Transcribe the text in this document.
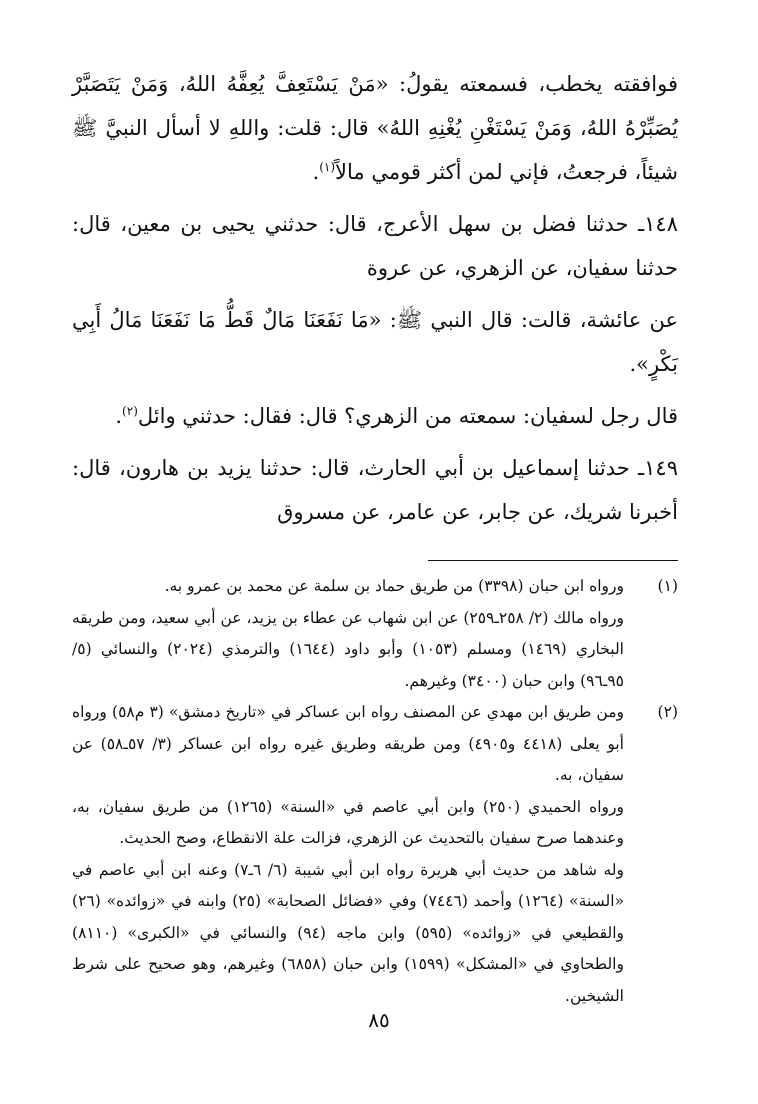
فوافقته يخطب، فسمعته يقولُ: «مَنْ يَسْتَعِفَّ يُعِفَّهُ اللهُ، وَمَنْ يَتَصَبَّرْ يُصَبِّرْهُ اللهُ، وَمَنْ يَسْتَغْنِ يُغْنِهِ اللهُ» قال: قلت: واللهِ لا أسأل النبيَّ ﷺ شيئاً، فرجعتُ، فإني لمن أكثر قومي مالاً$^{(١)}$.

١٤٨ـ حدثنا فضل بن سهل الأعرج، قال: حدثني يحيى بن معين، قال: حدثنا سفيان، عن الزهري، عن عروة

عن عائشة، قالت: قال النبي ﷺ: «مَا نَفَعَنَا مَالٌ قَطُّ مَا نَفَعَنَا مَالُ أَبِي بَكْرٍ».

قال رجل لسفيان: سمعته من الزهري؟ قال: فقال: حدثني وائل$^{(٢)}$.

١٤٩ـ حدثنا إسماعيل بن أبي الحارث، قال: حدثنا يزيد بن هارون، قال: أخبرنا شريك، عن جابر، عن عامر، عن مسروق

(١)

ورواه ابن حبان (٣٣٩٨) من طريق حماد بن سلمة عن محمد بن عمرو به.

ورواه مالك (٢/ ٢٥٨ـ٢٥٩) عن ابن شهاب عن عطاء بن يزيد، عن أبي سعيد، ومن طريقه البخاري (١٤٦٩) ومسلم (١٠٥٣) وأبو داود (١٦٤٤) والترمذي (٢٠٢٤) والنسائي (٥/ ٩٥ـ٩٦) وابن حبان (٣٤٠٠) وغيرهم.

(٢)

ومن طريق ابن مهدي عن المصنف رواه ابن عساكر في «تاريخ دمشق» (٣ م٥٨) ورواه أبو يعلى (٤٤١٨ و٤٩٠٥) ومن طريقه وطريق غيره رواه ابن عساكر (٣/ ٥٧ـ٥٨) عن سفيان، به.

ورواه الحميدي (٢٥٠) وابن أبي عاصم في «السنة» (١٢٦٥) من طريق سفيان، به، وعندهما صرح سفيان بالتحديث عن الزهري، فزالت علة الانقطاع، وصح الحديث.

وله شاهد من حديث أبي هريرة رواه ابن أبي شيبة (٦/ ٦ـ٧) وعنه ابن أبي عاصم في «السنة» (١٢٦٤) وأحمد (٧٤٤٦) وفي «فضائل الصحابة» (٢٥) وابنه في «زوائده» (٢٦) والقطيعي في «زوائده» (٥٩٥) وابن ماجه (٩٤) والنسائي في «الكبرى» (٨١١٠) والطحاوي في «المشكل» (١٥٩٩) وابن حبان (٦٨٥٨) وغيرهم، وهو صحيح على شرط الشيخين.

٨٥
